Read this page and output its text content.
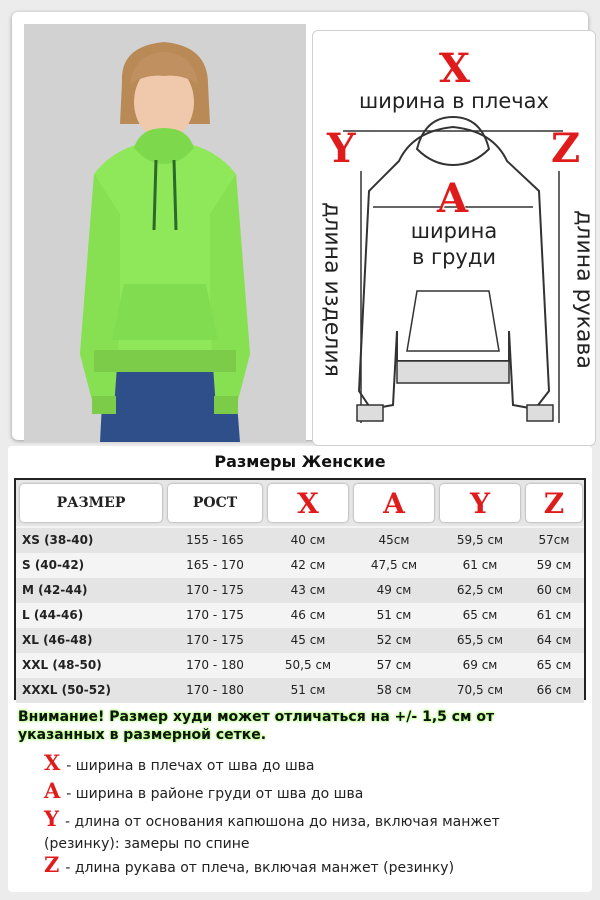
X
ширина в плечах
Y	Z
A
ширина
в груди
длина изделия	длина рукава
Размеры Женские
РАЗМЕР	РОСТ	X	A	Y	Z
XS (38-40)	155 - 165	40 см	45см	59,5 см	57см
S (40-42)	165 - 170	42 см	47,5 см	61 см	59 см
M (42-44)	170 - 175	43 см	49 см	62,5 см	60 см
L (44-46)	170 - 175	46 см	51 см	65 см	61 см
XL (46-48)	170 - 175	45 см	52 см	65,5 см	64 см
XXL (48-50)	170 - 180	50,5 см	57 см	69 см	65 см
XXXL (50-52)	170 - 180	51 см	58 см	70,5 см	66 см
Внимание! Размер худи может отличаться на +/- 1,5 см от указанных в размерной сетке.
X - ширина в плечах от шва до шва
A - ширина в районе груди от шва до шва
Y - длина от основания капюшона до низа, включая манжет (резинку): замеры по спине
Z - длина рукава от плеча, включая манжет (резинку)
